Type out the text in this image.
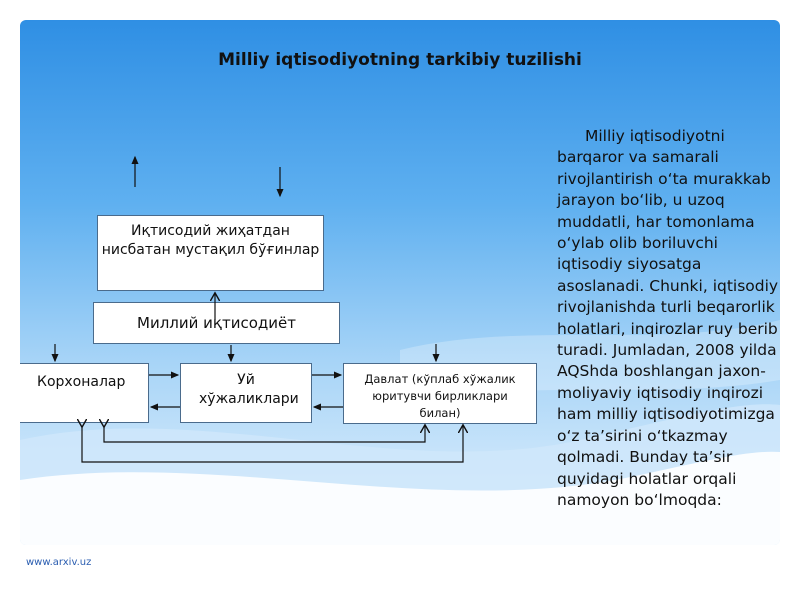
Milliy iqtisodiyotning tarkibiy tuzilishi
Иқтисодий жиҳатдан нисбатан мустақил бўғинлар
Миллий иқтисодиёт
Корхоналар	Уй хўжаликлари
Давлат (кўплаб хўжалик юритувчи бирликлари билан)
Milliy iqtisodiyotni barqaror va samarali rivojlantirish o‘ta murakkab jarayon bo‘lib, u uzoq muddatli, har tomonlama o‘ylab olib boriluvchi iqtisodiy siyosatga asoslanadi. Chunki, iqtisodiy rivojlanishda turli beqarorlik holatlari, inqirozlar ruy berib turadi. Jumladan, 2008 yilda AQShda boshlangan jaxon-moliyaviy iqtisodiy inqirozi ham milliy iqtisodiyotimizga o‘z ta’sirini o‘tkazmay qolmadi. Bunday ta’sir quyidagi holatlar orqali namoyon bo‘lmoqda:
www.arxiv.uz
